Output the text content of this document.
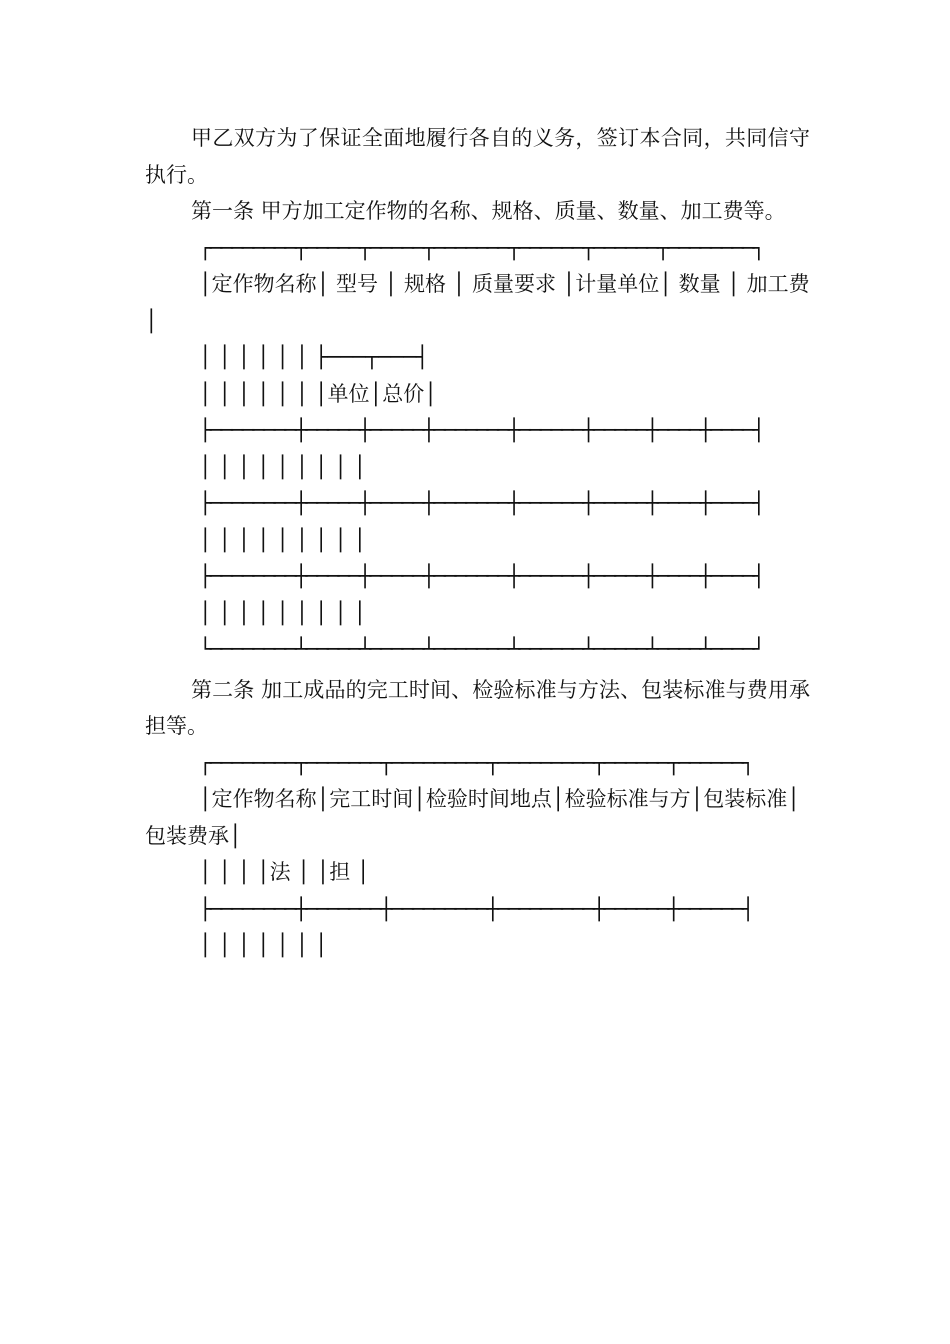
甲乙双方为了保证全面地履行各自的义务，签订本合同，共同信守执行。

第一条 甲方加工定作物的名称、规格、质量、数量、加工费等。

┌────────┬─────┬─────┬───────┬──────┬──────┬────────┐

│定作物名称│ 型号 │ 规格 │ 质量要求 │计量单位│ 数量 │ 加工费 │

│ │ │ │ │ │ ├───┬───┤

│ │ │ │ │ │ │单位│总价│

├────────┼─────┼─────┼───────┼──────┼─────┼────┼────┤

│ │ │ │ │ │ │ │ │

├────────┼─────┼─────┼───────┼──────┼─────┼────┼────┤

│ │ │ │ │ │ │ │ │

├────────┼─────┼─────┼───────┼──────┼─────┼────┼────┤

│ │ │ │ │ │ │ │ │

└────────┴─────┴─────┴───────┴──────┴─────┴────┴────┘

第二条 加工成品的完工时间、检验标准与方法、包装标准与费用承担等。

┌────────┬───────┬─────────┬─────────┬──────┬──────┐

│定作物名称│完工时间│检验时间地点│检验标准与方│包装标准│包装费承│

│ │ │ │法 │ │担 │

├────────┼───────┼─────────┼─────────┼──────┼──────┤

│ │ │ │ │ │ │
